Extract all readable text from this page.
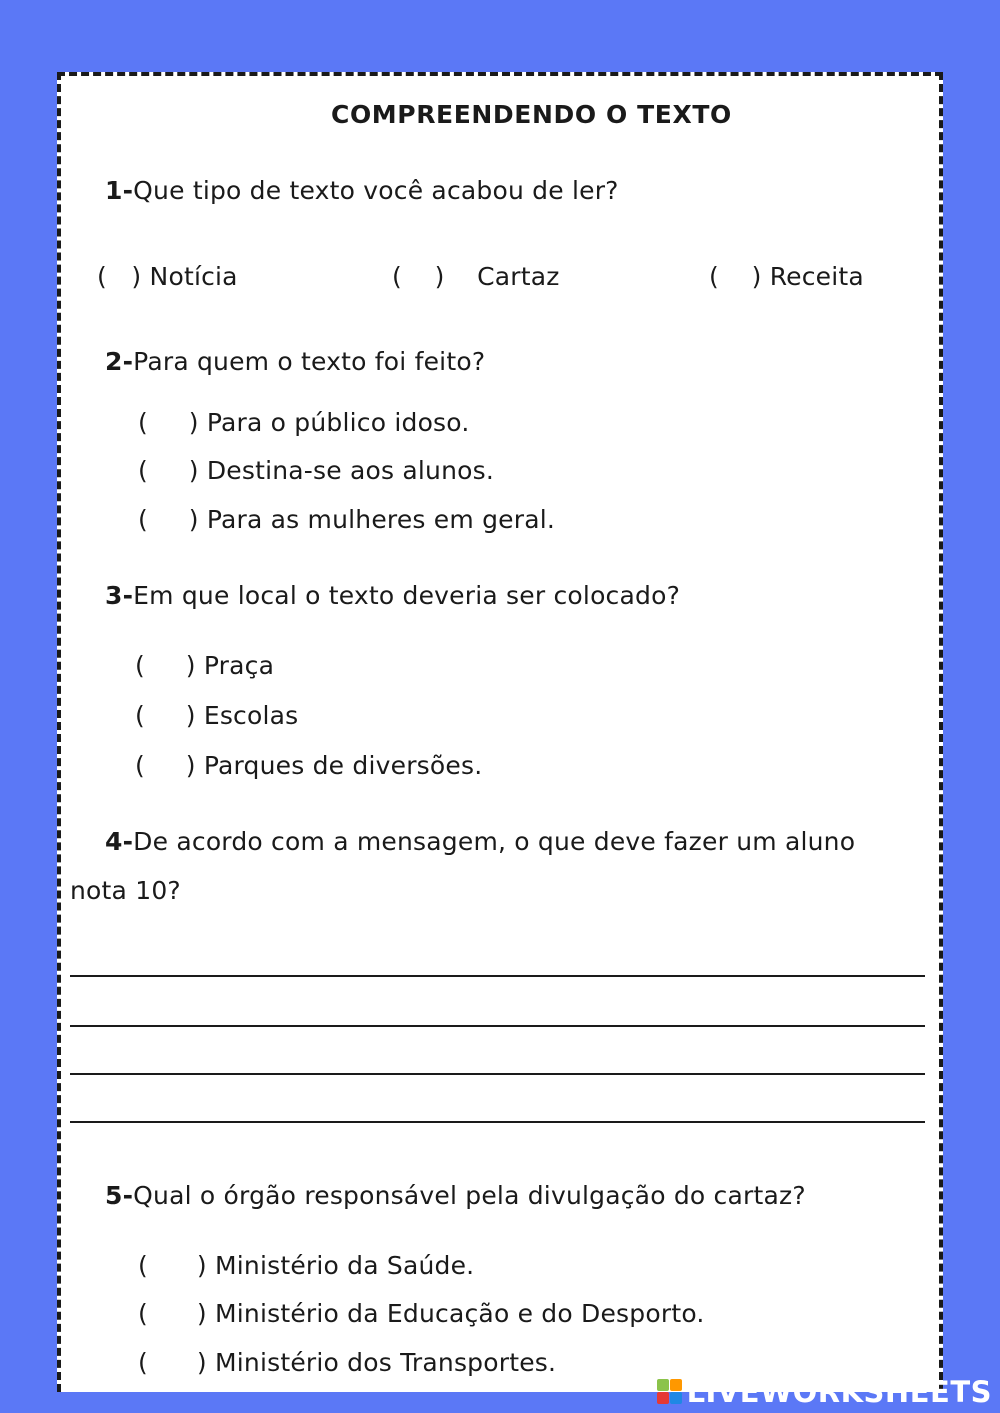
COMPREENDENDO O TEXTO
1-Que tipo de texto você acabou de ler?
( ) Notícia	( ) Cartaz	( ) Receita
2-Para quem o texto foi feito?
( ) Para o público idoso.
( ) Destina-se aos alunos.
( ) Para as mulheres em geral.
3-Em que local o texto deveria ser colocado?
( ) Praça
( ) Escolas
( ) Parques de diversões.
4-De acordo com a mensagem, o que deve fazer um aluno
nota 10?
5-Qual o órgão responsável pela divulgação do cartaz?
( ) Ministério da Saúde.
( ) Ministério da Educação e do Desporto.
( ) Ministério dos Transportes.
LIVEWORKSHEETS
